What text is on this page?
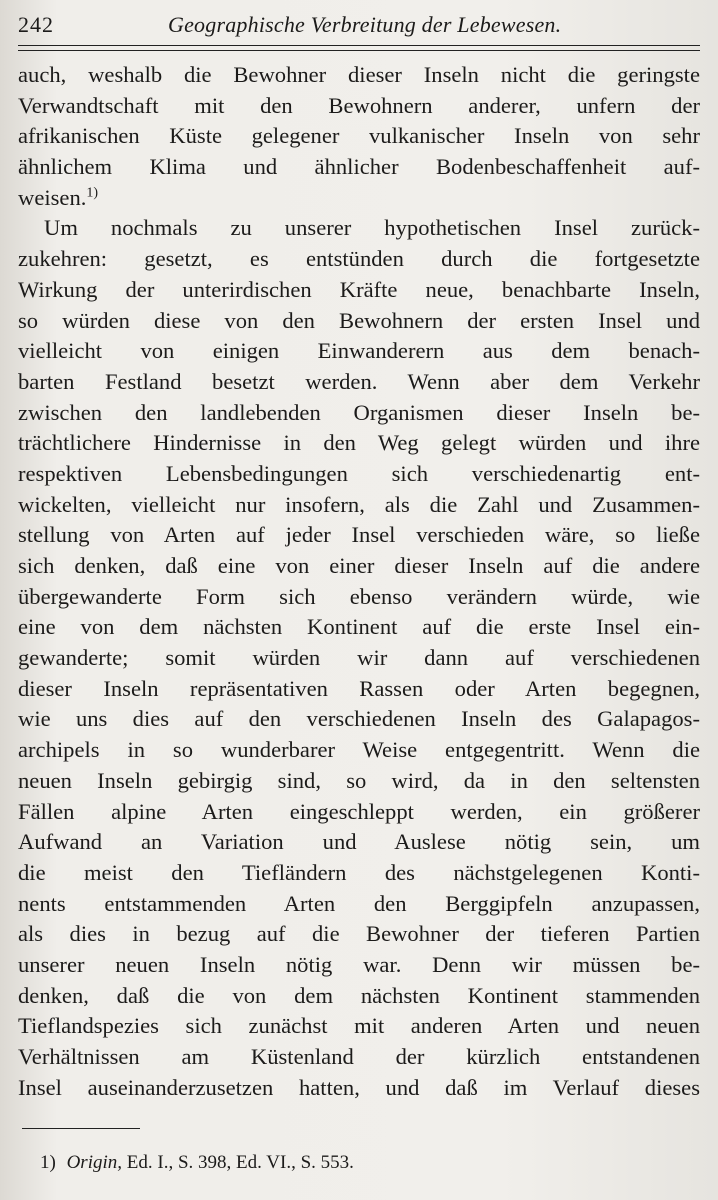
242	Geographische Verbreitung der Lebewesen.
auch, weshalb die Bewohner dieser Inseln nicht die geringste
Verwandtschaft mit den Bewohnern anderer, unfern der
afrikanischen Küste gelegener vulkanischer Inseln von sehr
ähnlichem Klima und ähnlicher Bodenbeschaffenheit auf-
weisen.$^{1)}$
Um nochmals zu unserer hypothetischen Insel zurück-
zukehren: gesetzt, es entstünden durch die fortgesetzte
Wirkung der unterirdischen Kräfte neue, benachbarte Inseln,
so würden diese von den Bewohnern der ersten Insel und
vielleicht von einigen Einwanderern aus dem benach-
barten Festland besetzt werden. Wenn aber dem Verkehr
zwischen den landlebenden Organismen dieser Inseln be-
trächtlichere Hindernisse in den Weg gelegt würden und ihre
respektiven Lebensbedingungen sich verschiedenartig ent-
wickelten, vielleicht nur insofern, als die Zahl und Zusammen-
stellung von Arten auf jeder Insel verschieden wäre, so ließe
sich denken, daß eine von einer dieser Inseln auf die andere
übergewanderte Form sich ebenso verändern würde, wie
eine von dem nächsten Kontinent auf die erste Insel ein-
gewanderte; somit würden wir dann auf verschiedenen
dieser Inseln repräsentativen Rassen oder Arten begegnen,
wie uns dies auf den verschiedenen Inseln des Galapagos-
archipels in so wunderbarer Weise entgegentritt. Wenn die
neuen Inseln gebirgig sind, so wird, da in den seltensten
Fällen alpine Arten eingeschleppt werden, ein größerer
Aufwand an Variation und Auslese nötig sein, um
die meist den Tiefländern des nächstgelegenen Konti-
nents entstammenden Arten den Berggipfeln anzupassen,
als dies in bezug auf die Bewohner der tieferen Partien
unserer neuen Inseln nötig war. Denn wir müssen be-
denken, daß die von dem nächsten Kontinent stammenden
Tieflandspezies sich zunächst mit anderen Arten und neuen
Verhältnissen am Küstenland der kürzlich entstandenen
Insel auseinanderzusetzen hatten, und daß im Verlauf dieses
1) Origin, Ed. I., S. 398, Ed. VI., S. 553.
